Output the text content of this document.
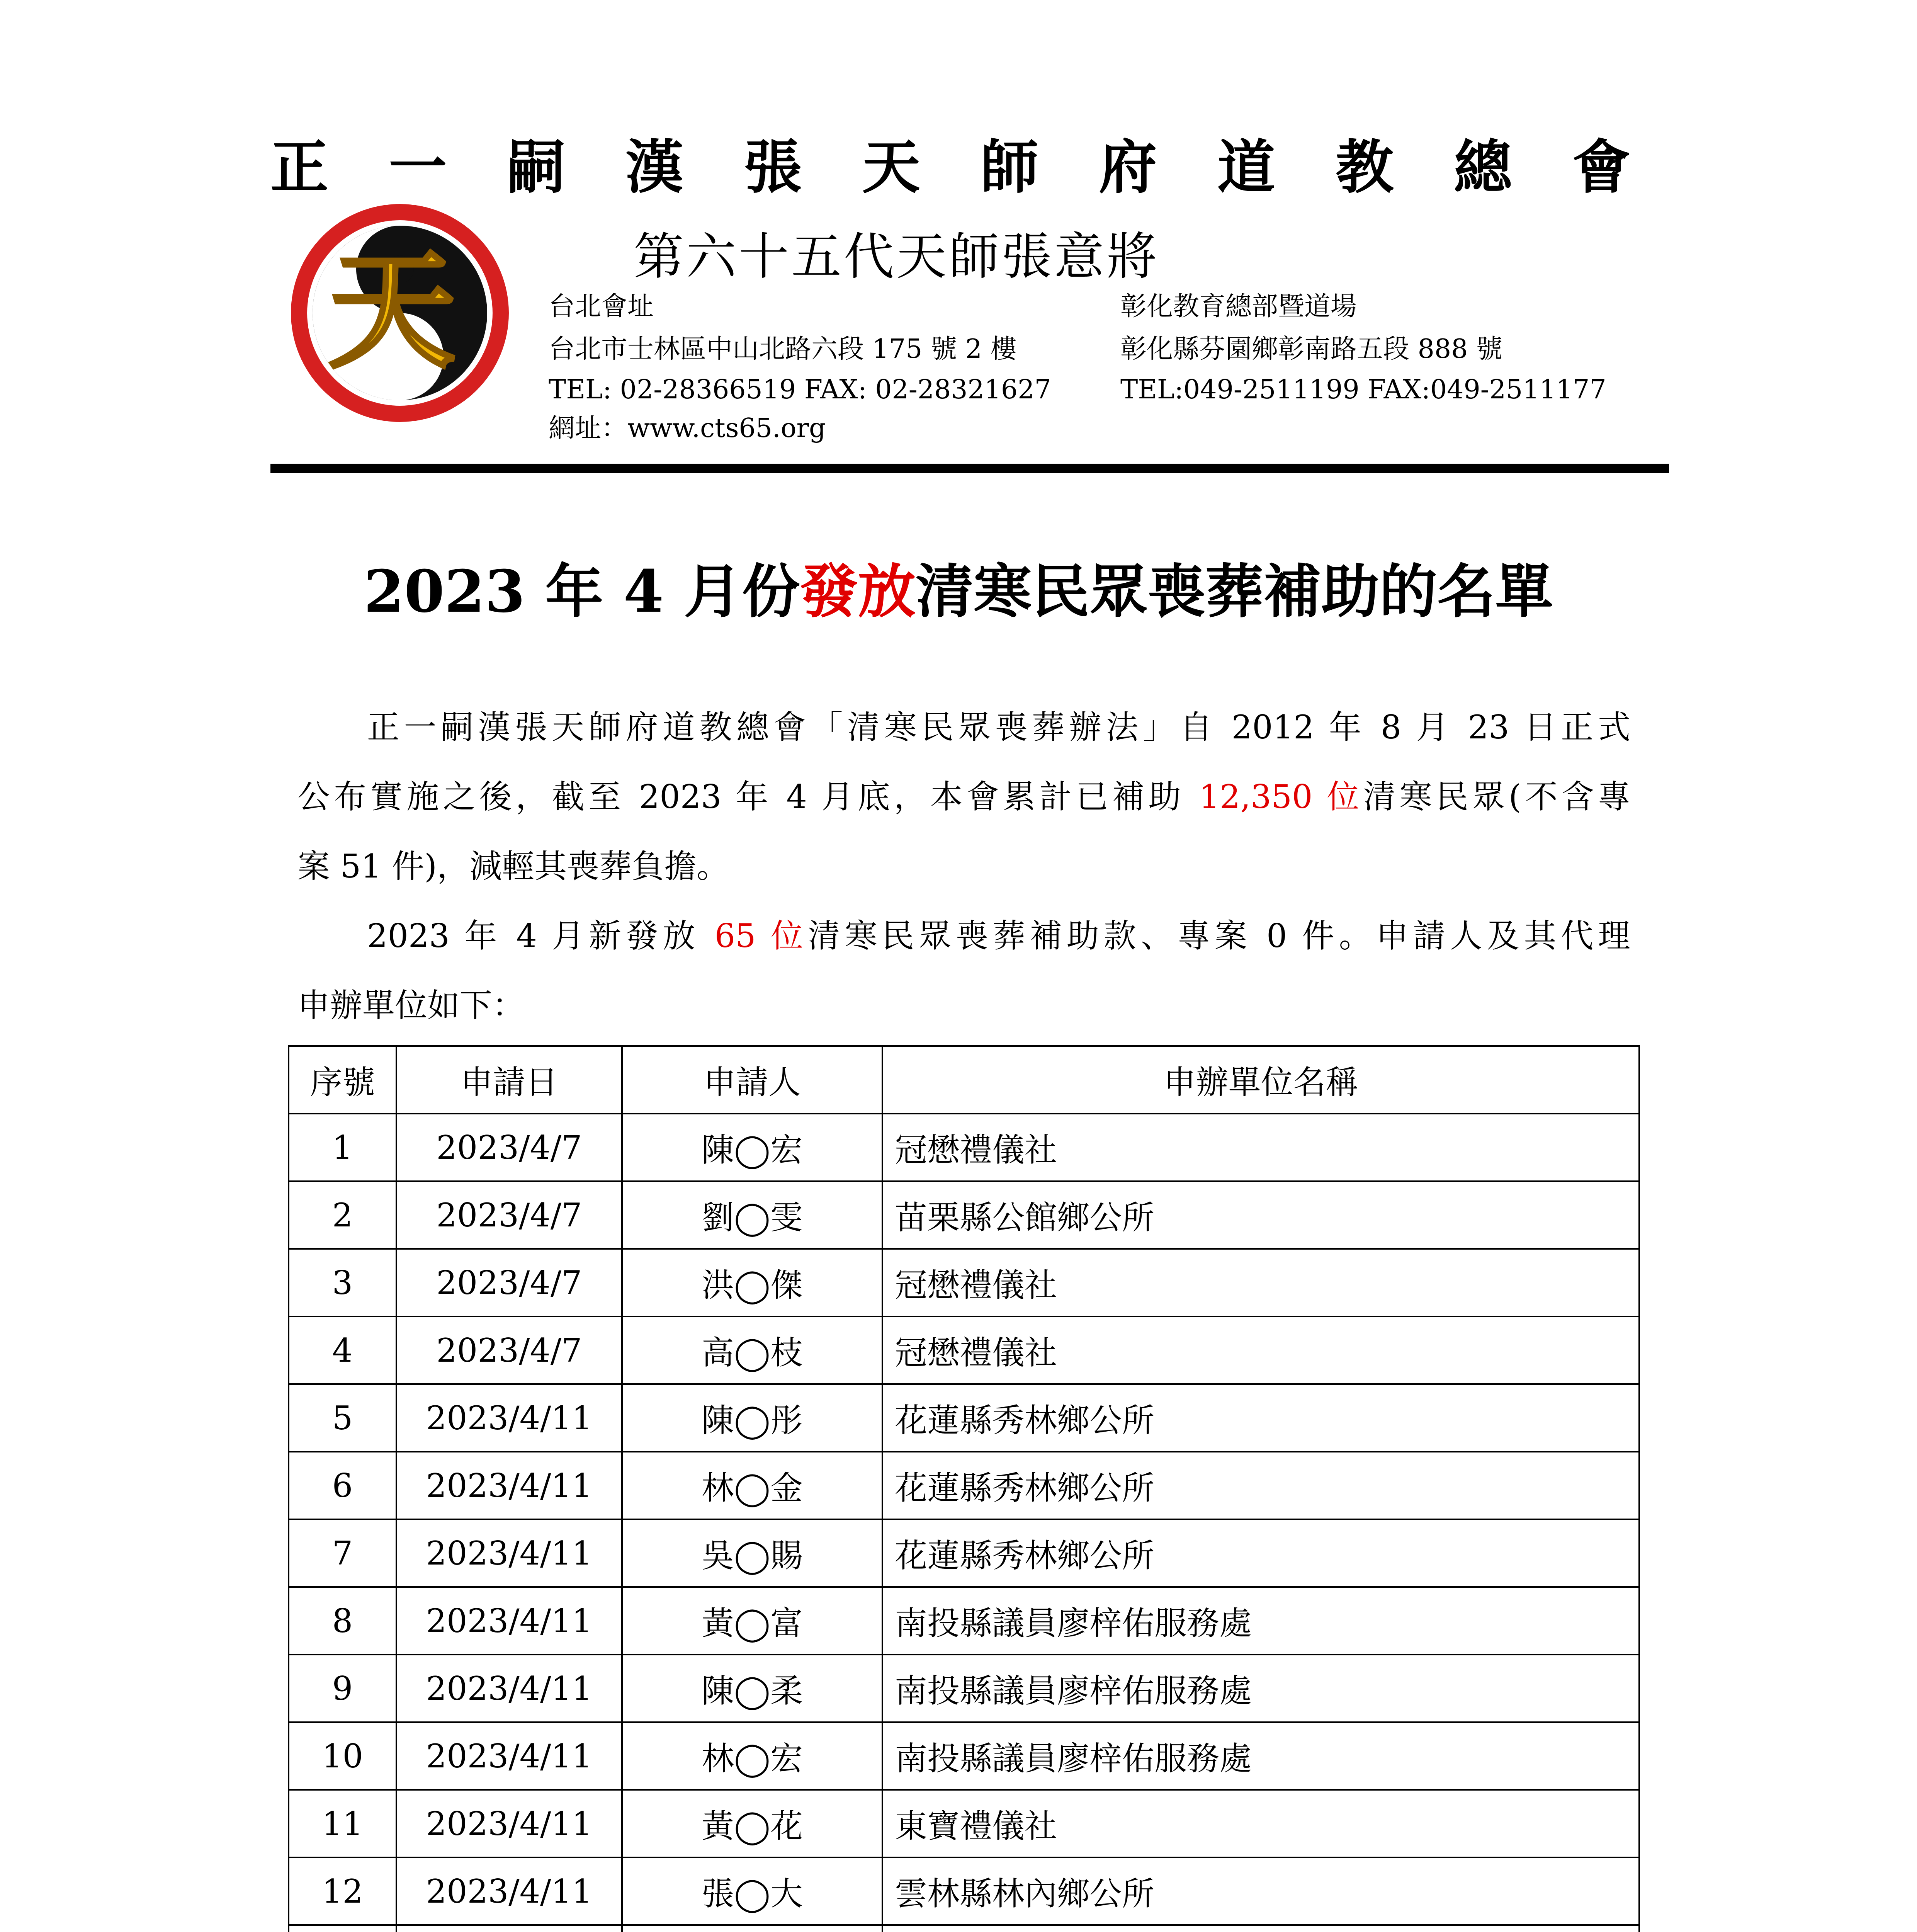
正 一 嗣 漢 張 天 師 府 道 教 總 會
天	第六十五代天師張意將
台北會址	彰化教育總部暨道場
台北市士林區中山北路六段 175 號 2 樓	彰化縣芬園鄉彰南路五段 888 號
TEL: 02-28366519 FAX: 02-28321627	TEL:049-2511199 FAX:049-2511177
網址：www.cts65.org
2023 年 4 月份發放清寒民眾喪葬補助的名單
正一嗣漢張天師府道教總會「清寒民眾喪葬辦法」自 2012 年 8 月 23 日正式
公布實施之後，截至 2023 年 4 月底，本會累計已補助 12,350 位清寒民眾(不含專
案 51 件)，減輕其喪葬負擔。
2023 年 4 月新發放 65 位清寒民眾喪葬補助款、專案 0 件。申請人及其代理
申辦單位如下：
序號	申請日	申請人	申辦單位名稱
1	2023/4/7	陳◯宏	冠懋禮儀社
2	2023/4/7	劉◯雯	苗栗縣公館鄉公所
3	2023/4/7	洪◯傑	冠懋禮儀社
4	2023/4/7	高◯枝	冠懋禮儀社
5	2023/4/11	陳◯彤	花蓮縣秀林鄉公所
6	2023/4/11	林◯金	花蓮縣秀林鄉公所
7	2023/4/11	吳◯賜	花蓮縣秀林鄉公所
8	2023/4/11	黃◯富	南投縣議員廖梓佑服務處
9	2023/4/11	陳◯柔	南投縣議員廖梓佑服務處
10	2023/4/11	林◯宏	南投縣議員廖梓佑服務處
11	2023/4/11	黃◯花	東寶禮儀社
12	2023/4/11	張◯大	雲林縣林內鄉公所
